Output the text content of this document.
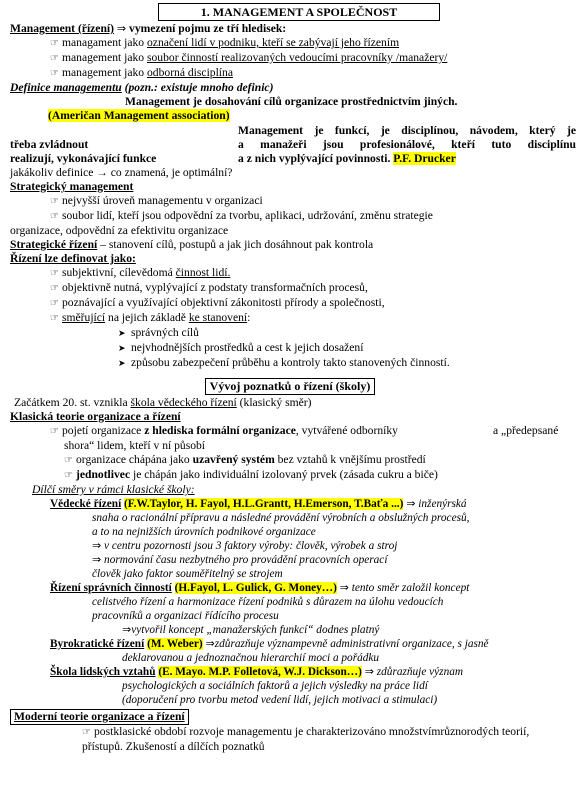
1. MANAGEMENT A SPOLEČNOST
Management (řízení) ⇒ vymezení pojmu ze tří hledisek:
☞ managament jako označení lidí v podniku, kteří se zabývají jeho řízením
☞ management jako soubor činností realizovaných vedoucími pracovníky /manažery/
☞ management jako odborná disciplína
Definice managementu (pozn.: existuje mnoho definic)
Management je dosahování cílů organizace prostřednictvím jiných.
(Američan Management association)
Management je funkcí, je disciplínou, návodem, který je
třeba zvládnout	a manažeři jsou profesionálové, kteří tuto disciplínu
realizují, vykonávající funkce	a z nich vyplývající povinnosti. P.F. Drucker
jakákoliv definice → co znamená, je optimální?
Strategický management
☞ nejvyšší úroveň managementu v organizaci
☞ soubor lidí, kteří jsou odpovědní za tvorbu, aplikaci, udržování, změnu strategie
organizace, odpovědní za efektivitu organizace
Strategické řízení – stanovení cílů, postupů a jak jich dosáhnout pak kontrola
Řízení lze definovat jako:
☞ subjektivní, cílevědomá činnost lidí.
☞ objektivně nutná, vyplývající z podstaty transformačních procesů,
☞ poznávající a využívající objektivní zákonitosti přírody a společnosti,
☞ směřující na jejich základě ke stanovení:
➤ správných cílů
➤ nejvhodnějších prostředků a cest k jejich dosažení
➤ způsobu zabezpečení průběhu a kontroly takto stanovených činností.
Vývoj poznatků o řízení (školy)
Začátkem 20. st. vznikla škola vědeckého řízení (klasický směr)
Klasická teorie organizace a řízení
☞ pojetí organizace z hlediska formální organizace, vytvářené odborníky	a „předepsané
shora“ lidem, kteří v ní působí
☞ organizace chápána jako uzavřený systém bez vztahů k vnějšímu prostředí
☞ jednotlivec je chápán jako individuální izolovaný prvek (zásada cukru a biče)
Dílčí směry v rámci klasické školy:
Vědecké řízení (F.W.Taylor, H. Fayol, H.L.Grantt, H.Emerson, T.Baťa ...) ⇒ inženýrská
snaha o racionální přípravu a následné provádění výrobních a obslužných procesů,
a to na nejnižších úrovních podnikové organizace
⇒ v centru pozornosti jsou 3 faktory výroby: člověk, výrobek a stroj
⇒ normování času nezbytného pro provádění pracovních operací
člověk jako faktor souměřitelný se strojem
Řízení správních činností (H.Fayol, L. Gulick, G. Money…) ⇒ tento směr založil koncept
celistvého řízení a harmonizace řízení podniků s důrazem na úlohu vedoucích
pracovníků a organizaci řídícího procesu
⇒vytvořil koncept „manažerských funkcí“ dodnes platný
Byrokratické řízení (M. Weber) ⇒zdůrazňuje význampevně administrativní organizace, s jasně
deklarovanou a jednoznačnou hierarchií moci a pořádku
Škola lidských vztahů (E. Mayo. M.P. Folletová, W.J. Dickson…) ⇒ zdůrazňuje význam
psychologických a sociálních faktorů a jejich výsledky na práce lidí
(doporučení pro tvorbu metod vedení lidí, jejich motivaci a stimulaci)
Moderní teorie organizace a řízení
☞ postklasické období rozvoje managementu je charakterizováno množstvímrůznorodých teorií,
přístupů. Zkušeností a dílčích poznatků
